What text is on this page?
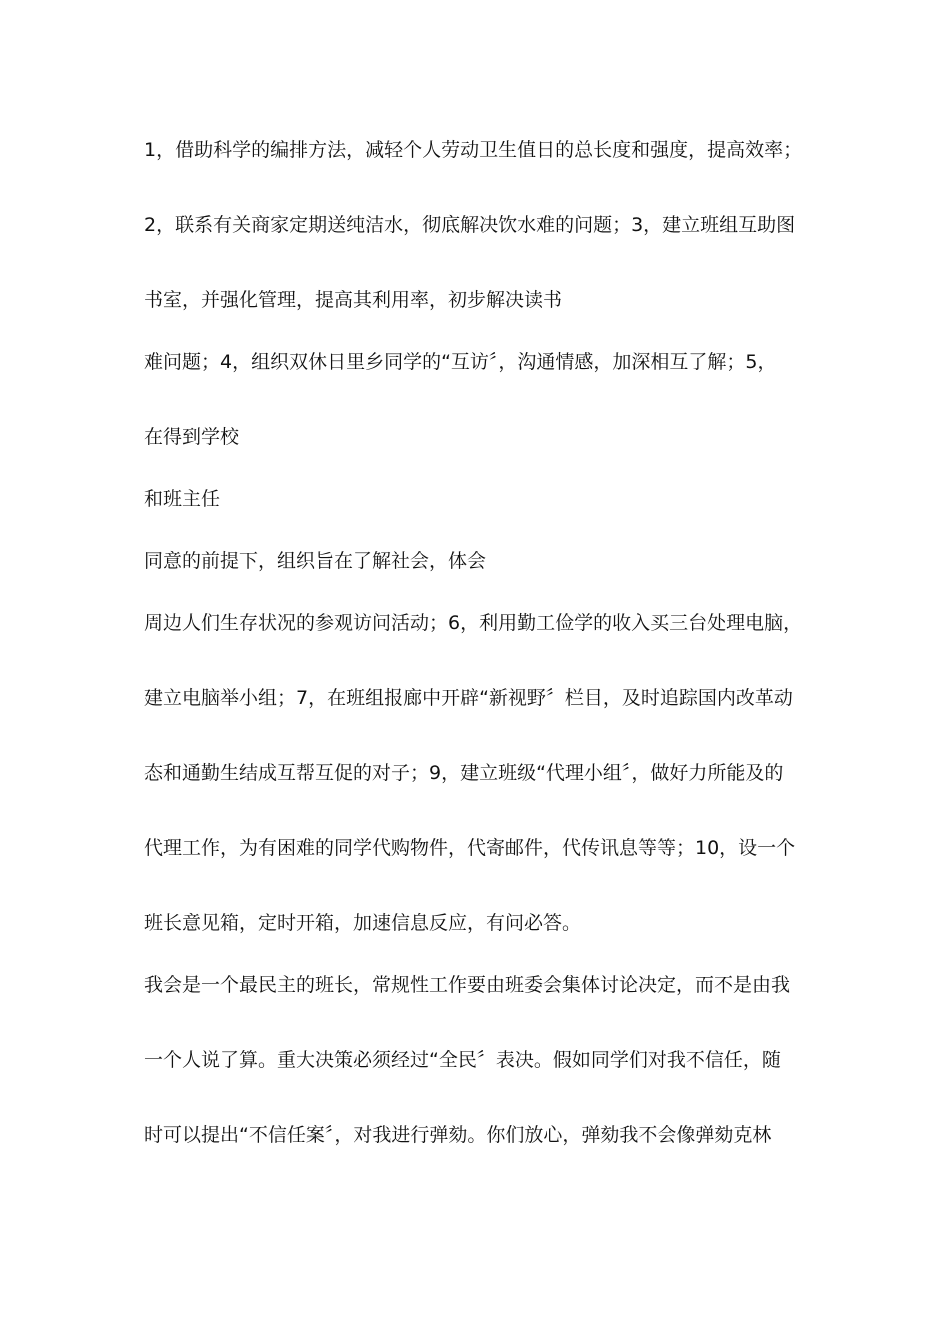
1，借助科学的编排方法，减轻个人劳动卫生值日的总长度和强度，提高效率；
2，联系有关商家定期送纯洁水，彻底解决饮水难的问题；3，建立班组互助图
书室，并强化管理，提高其利用率，初步解决读书
难问题；4，组织双休日里乡同学的“互访〞，沟通情感，加深相互了解；5，
在得到学校
和班主任
同意的前提下，组织旨在了解社会，体会
周边人们生存状况的参观访问活动；6，利用勤工俭学的收入买三台处理电脑，
建立电脑举小组；7，在班组报廊中开辟“新视野〞栏目，及时追踪国内改革动
态和通勤生结成互帮互促的对子；9，建立班级“代理小组〞，做好力所能及的
代理工作，为有困难的同学代购物件，代寄邮件，代传讯息等等；10，设一个
班长意见箱，定时开箱，加速信息反应，有问必答。
我会是一个最民主的班长，常规性工作要由班委会集体讨论决定，而不是由我
一个人说了算。重大决策必须经过“全民〞表决。假如同学们对我不信任，随
时可以提出“不信任案〞，对我进行弹劾。你们放心，弹劾我不会像弹劾克林
